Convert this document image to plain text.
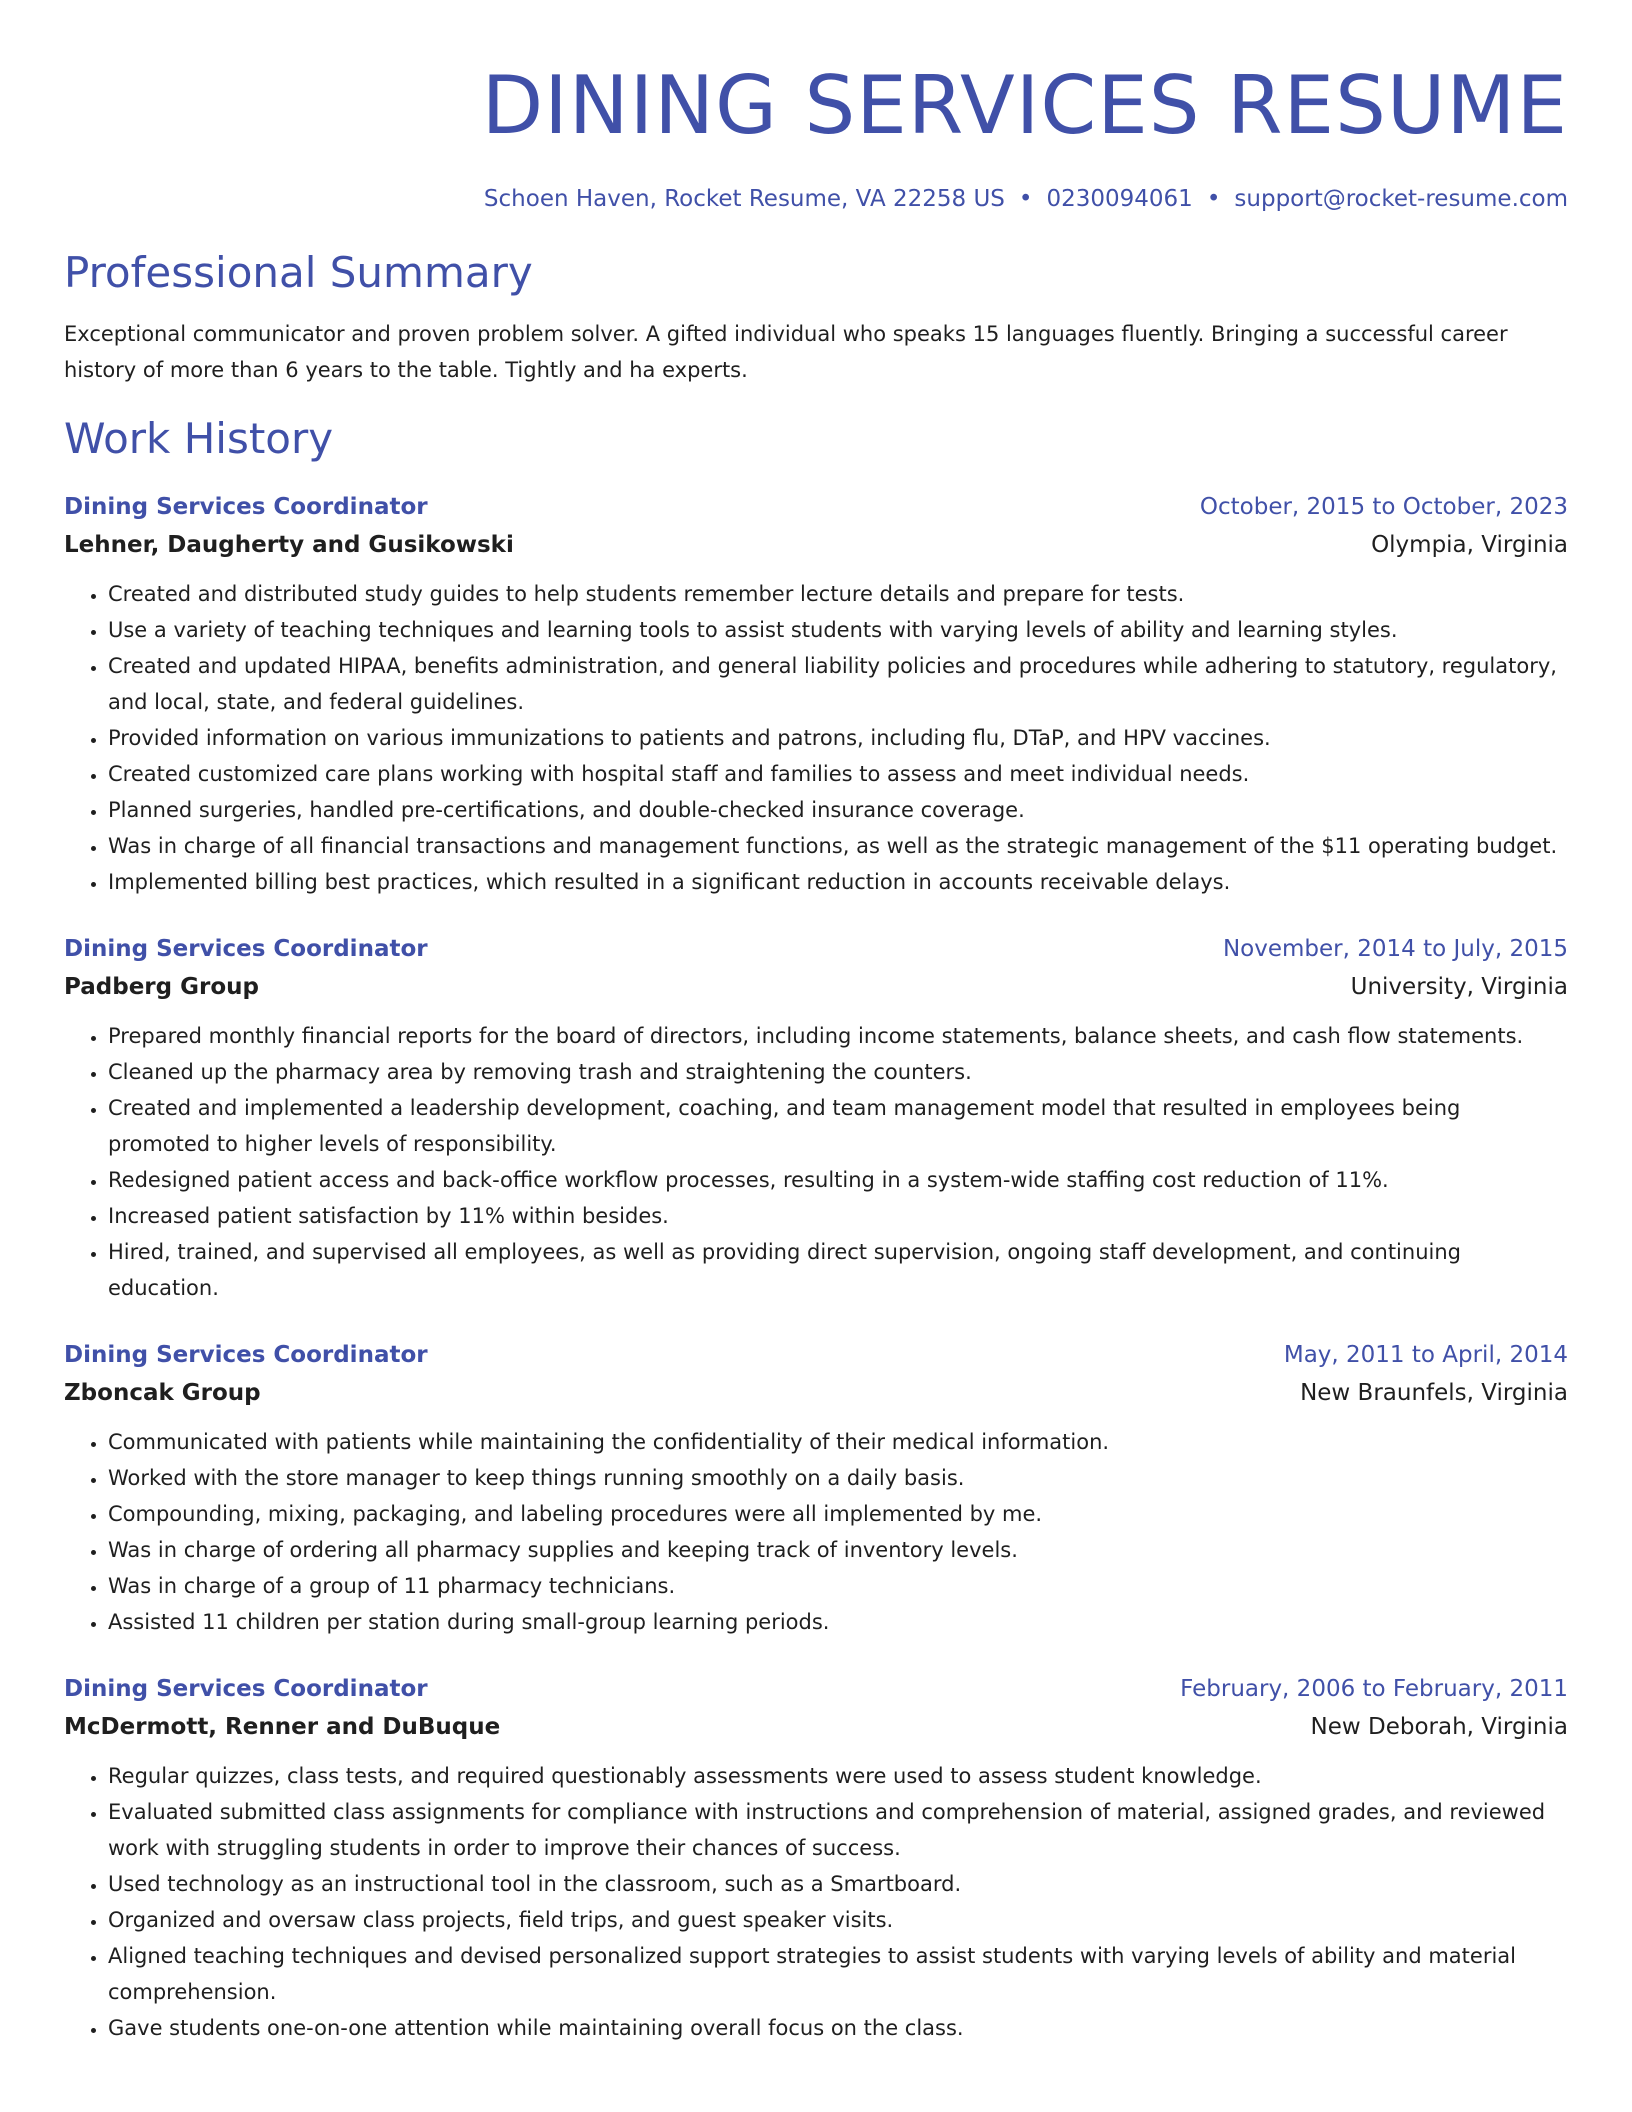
DINING SERVICES RESUME
Schoen Haven, Rocket Resume, VA 22258 US • 0230094061 • support@rocket-resume.com
Professional Summary
Exceptional communicator and proven problem solver. A gifted individual who speaks 15 languages fluently. Bringing a successful career history of more than 6 years to the table. Tightly and ha experts.
Work History
Dining Services Coordinator	October, 2015 to October, 2023
Lehner, Daugherty and Gusikowski	Olympia, Virginia
• Created and distributed study guides to help students remember lecture details and prepare for tests.
• Use a variety of teaching techniques and learning tools to assist students with varying levels of ability and learning styles.
• Created and updated HIPAA, benefits administration, and general liability policies and procedures while adhering to statutory, regulatory, and local, state, and federal guidelines.
• Provided information on various immunizations to patients and patrons, including flu, DTaP, and HPV vaccines.
• Created customized care plans working with hospital staff and families to assess and meet individual needs.
• Planned surgeries, handled pre-certifications, and double-checked insurance coverage.
• Was in charge of all financial transactions and management functions, as well as the strategic management of the $11 operating budget.
• Implemented billing best practices, which resulted in a significant reduction in accounts receivable delays.
Dining Services Coordinator	November, 2014 to July, 2015
Padberg Group	University, Virginia
• Prepared monthly financial reports for the board of directors, including income statements, balance sheets, and cash flow statements.
• Cleaned up the pharmacy area by removing trash and straightening the counters.
• Created and implemented a leadership development, coaching, and team management model that resulted in employees being promoted to higher levels of responsibility.
• Redesigned patient access and back-office workflow processes, resulting in a system-wide staffing cost reduction of 11%.
• Increased patient satisfaction by 11% within besides.
• Hired, trained, and supervised all employees, as well as providing direct supervision, ongoing staff development, and continuing education.
Dining Services Coordinator	May, 2011 to April, 2014
Zboncak Group	New Braunfels, Virginia
• Communicated with patients while maintaining the confidentiality of their medical information.
• Worked with the store manager to keep things running smoothly on a daily basis.
• Compounding, mixing, packaging, and labeling procedures were all implemented by me.
• Was in charge of ordering all pharmacy supplies and keeping track of inventory levels.
• Was in charge of a group of 11 pharmacy technicians.
• Assisted 11 children per station during small-group learning periods.
Dining Services Coordinator	February, 2006 to February, 2011
McDermott, Renner and DuBuque	New Deborah, Virginia
• Regular quizzes, class tests, and required questionably assessments were used to assess student knowledge.
• Evaluated submitted class assignments for compliance with instructions and comprehension of material, assigned grades, and reviewed work with struggling students in order to improve their chances of success.
• Used technology as an instructional tool in the classroom, such as a Smartboard.
• Organized and oversaw class projects, field trips, and guest speaker visits.
• Aligned teaching techniques and devised personalized support strategies to assist students with varying levels of ability and material comprehension.
• Gave students one-on-one attention while maintaining overall focus on the class.
